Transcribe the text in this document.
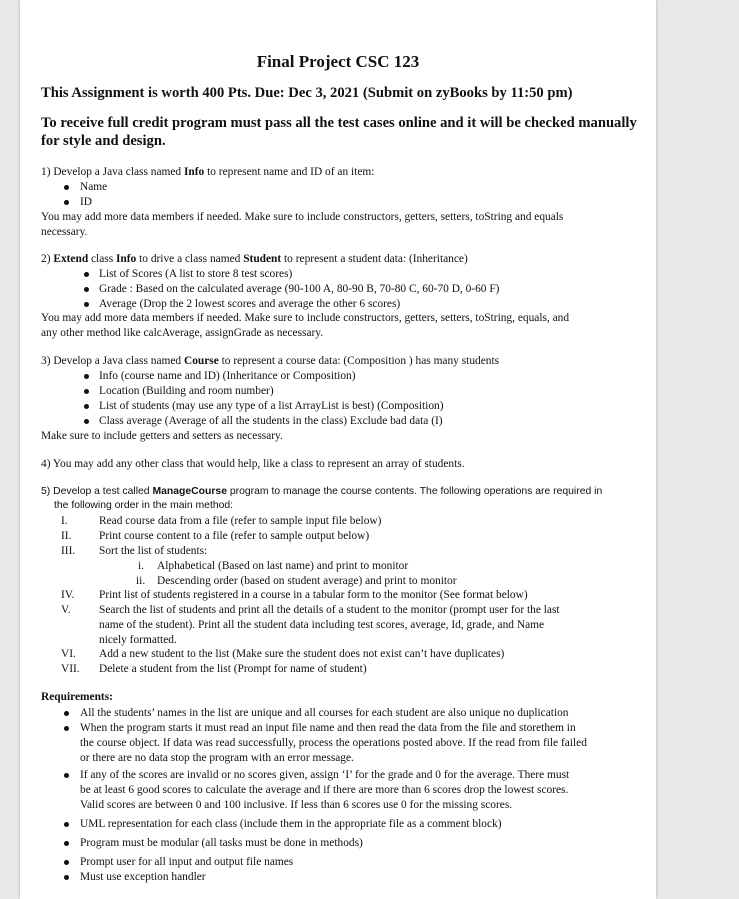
Final Project CSC 123
This Assignment is worth 400 Pts. Due: Dec 3, 2021 (Submit on zyBooks by 11:50 pm)
To receive full credit program must pass all the test cases online and it will be checked manually for style and design.
1) Develop a Java class named Info to represent name and ID of an item:
Name
ID
You may add more data members if needed. Make sure to include constructors, getters, setters, toString and equals
necessary.
2) Extend class Info to drive a class named Student to represent a student data: (Inheritance)
List of Scores (A list to store 8 test scores)
Grade : Based on the calculated average (90-100 A, 80-90 B, 70-80 C, 60-70 D, 0-60 F)
Average (Drop the 2 lowest scores and average the other 6 scores)
You may add more data members if needed. Make sure to include constructors, getters, setters, toString, equals, and
any other method like calcAverage, assignGrade as necessary.
3) Develop a Java class named Course to represent a course data: (Composition ) has many students
Info (course name and ID) (Inheritance or Composition)
Location (Building and room number)
List of students (may use any type of a list ArrayList is best) (Composition)
Class average (Average of all the students in the class) Exclude bad data (I)
Make sure to include getters and setters as necessary.
4) You may add any other class that would help, like a class to represent an array of students.
5) Develop a test called ManageCourse program to manage the course contents. The following operations are required in
the following order in the main method:
I.	Read course data from a file (refer to sample input file below)
II. Print course content to a file (refer to sample output below)
III. Sort the list of students:
i. Alphabetical (Based on last name) and print to monitor
ii. Descending order (based on student average) and print to monitor
IV. Print list of students registered in a course in a tabular form to the monitor (See format below)
V. Search the list of students and print all the details of a student to the monitor (prompt user for the last
name of the student). Print all the student data including test scores, average, Id, grade, and Name
nicely formatted.
VI. Add a new student to the list (Make sure the student does not exist can’t have duplicates)
VII. Delete a student from the list (Prompt for name of student)
Requirements:
All the students’ names in the list are unique and all courses for each student are also unique no duplication
When the program starts it must read an input file name and then read the data from the file and storethem in
the course object. If data was read successfully, process the operations posted above. If the read from file failed
or there are no data stop the program with an error message.
If any of the scores are invalid or no scores given, assign ‘I’ for the grade and 0 for the average. There must
be at least 6 good scores to calculate the average and if there are more than 6 scores drop the lowest scores.
Valid scores are between 0 and 100 inclusive. If less than 6 scores use 0 for the missing scores.
UML representation for each class (include them in the appropriate file as a comment block)
Program must be modular (all tasks must be done in methods)
Prompt user for all input and output file names
Must use exception handler
